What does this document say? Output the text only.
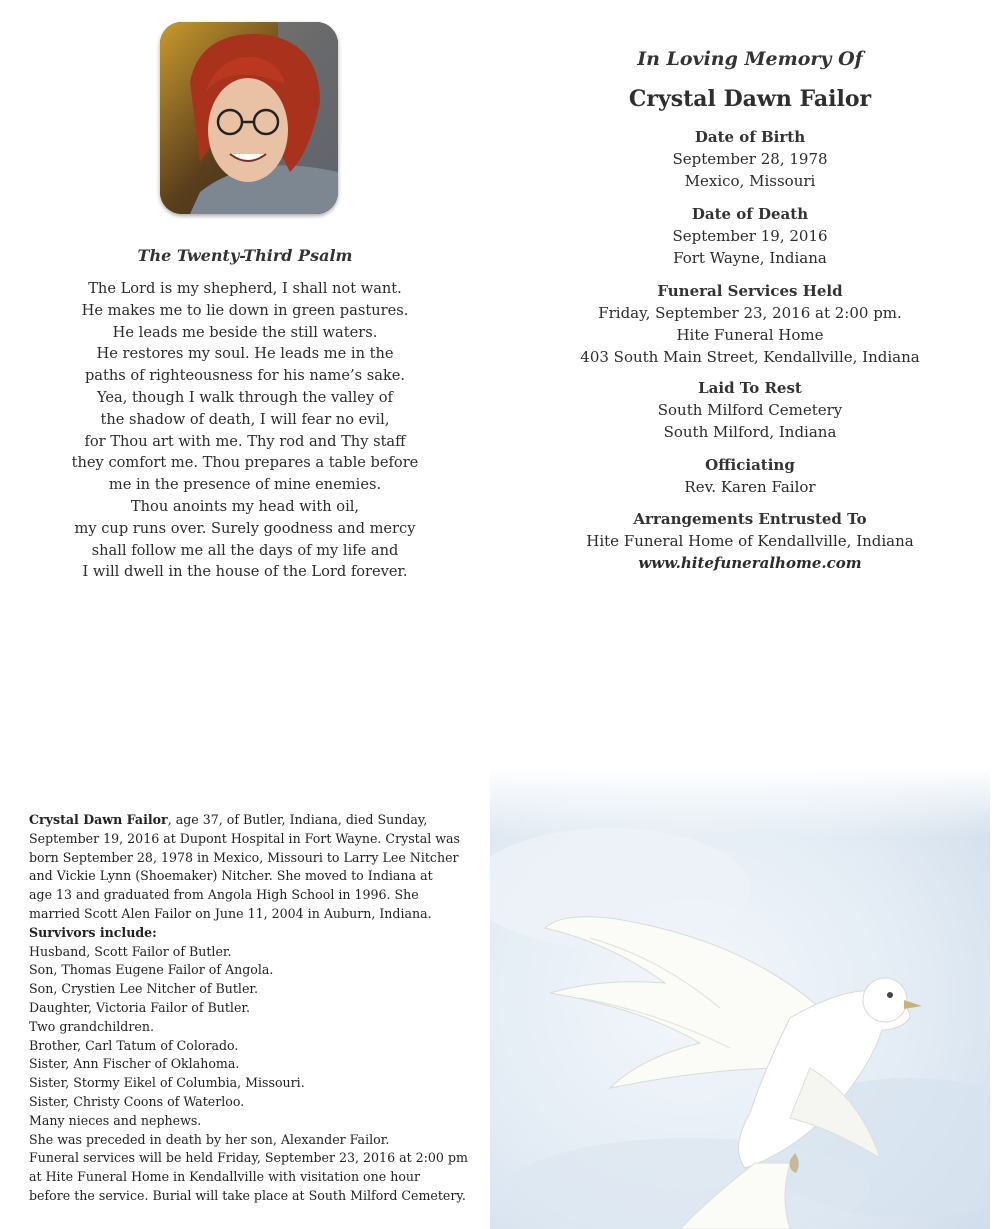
The Twenty-Third Psalm
The Lord is my shepherd, I shall not want.
He makes me to lie down in green pastures.
He leads me beside the still waters.
He restores my soul. He leads me in the
paths of righteousness for his name’s sake.
Yea, though I walk through the valley of
the shadow of death, I will fear no evil,
for Thou art with me. Thy rod and Thy staff
they comfort me. Thou prepares a table before
me in the presence of mine enemies.
Thou anoints my head with oil,
my cup runs over. Surely goodness and mercy
shall follow me all the days of my life and
I will dwell in the house of the Lord forever.
In Loving Memory Of
Crystal Dawn Failor
Date of Birth
September 28, 1978
Mexico, Missouri
Date of Death
September 19, 2016
Fort Wayne, Indiana
Funeral Services Held
Friday, September 23, 2016 at 2:00 pm.
Hite Funeral Home
403 South Main Street, Kendallville, Indiana
Laid To Rest
South Milford Cemetery
South Milford, Indiana
Officiating
Rev. Karen Failor
Arrangements Entrusted To
Hite Funeral Home of Kendallville, Indiana
www.hitefuneralhome.com
Crystal Dawn Failor, age 37, of Butler, Indiana, died Sunday,
September 19, 2016 at Dupont Hospital in Fort Wayne. Crystal was
born September 28, 1978 in Mexico, Missouri to Larry Lee Nitcher
and Vickie Lynn (Shoemaker) Nitcher. She moved to Indiana at
age 13 and graduated from Angola High School in 1996. She
married Scott Alen Failor on June 11, 2004 in Auburn, Indiana.
Survivors include:
Husband, Scott Failor of Butler.
Son, Thomas Eugene Failor of Angola.
Son, Crystien Lee Nitcher of Butler.
Daughter, Victoria Failor of Butler.
Two grandchildren.
Brother, Carl Tatum of Colorado.
Sister, Ann Fischer of Oklahoma.
Sister, Stormy Eikel of Columbia, Missouri.
Sister, Christy Coons of Waterloo.
Many nieces and nephews.
She was preceded in death by her son, Alexander Failor.
Funeral services will be held Friday, September 23, 2016 at 2:00 pm
at Hite Funeral Home in Kendallville with visitation one hour
before the service. Burial will take place at South Milford Cemetery.
